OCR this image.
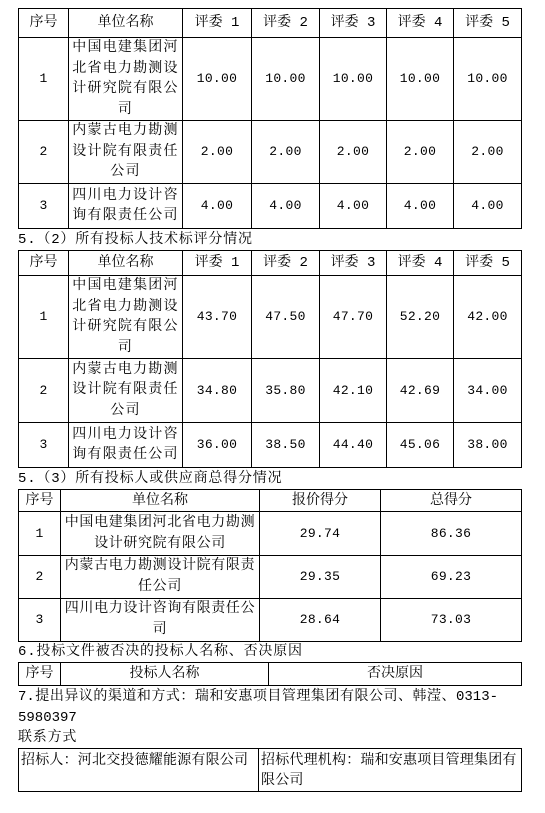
序号	单位名称	评委 1	评委 2	评委 3	评委 4	评委 5
1	中国电建集团河北省电力勘测设计研究院有限公司	10.00	10.00	10.00	10.00	10.00
2	内蒙古电力勘测设计院有限责任公司	2.00	2.00	2.00	2.00	2.00
3	四川电力设计咨询有限责任公司	4.00	4.00	4.00	4.00	4.00
5.（2）所有投标人技术标评分情况
序号	单位名称	评委 1	评委 2	评委 3	评委 4	评委 5
1	中国电建集团河北省电力勘测设计研究院有限公司	43.70	47.50	47.70	52.20	42.00
2	内蒙古电力勘测设计院有限责任公司	34.80	35.80	42.10	42.69	34.00
3	四川电力设计咨询有限责任公司	36.00	38.50	44.40	45.06	38.00
5.（3）所有投标人或供应商总得分情况
序号	单位名称	报价得分	总得分
1	中国电建集团河北省电力勘测设计研究院有限公司	29.74	86.36
2	内蒙古电力勘测设计院有限责任公司	29.35	69.23
3	四川电力设计咨询有限责任公司	28.64	73.03
6.投标文件被否决的投标人名称、否决原因
序号	投标人名称	否决原因
7.提出异议的渠道和方式：瑞和安惠项目管理集团有限公司、韩滢、0313-5980397
联系方式
招标人：河北交投德耀能源有限公司	招标代理机构：瑞和安惠项目管理集团有限公司
